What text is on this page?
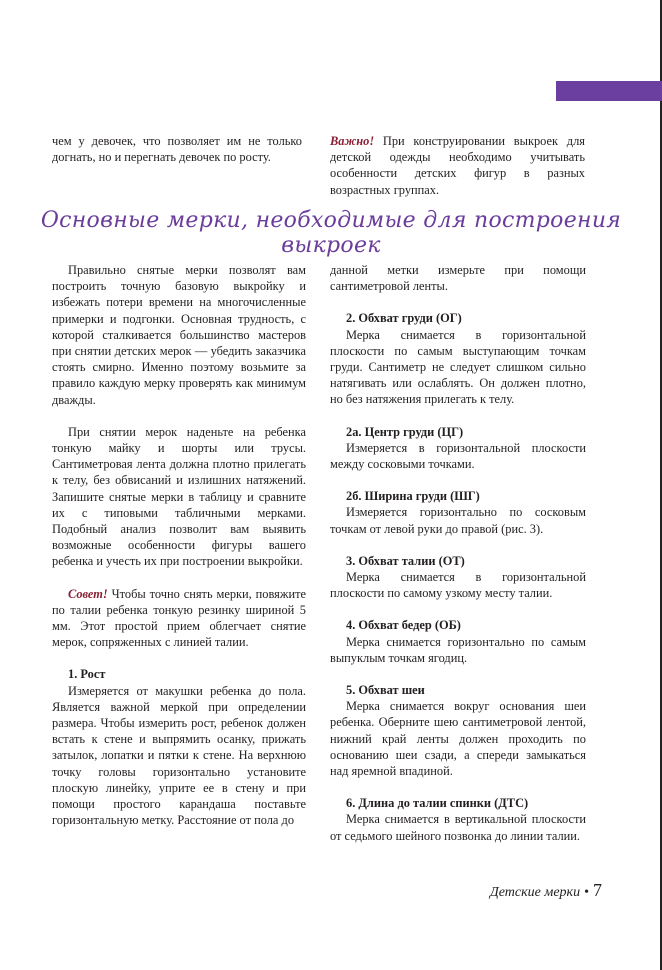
чем у девочек, что позволяет им не только догнать, но и перегнать девочек по росту.

Важно! При конструировании выкроек для детской одежды необходимо учитывать особенности детских фигур в разных возрастных группах.

Основные мерки, необходимые для построения выкроек

Правильно снятые мерки позволят вам построить точную базовую выкройку и избежать потери времени на многочисленные примерки и подгонки. Основная трудность, с которой сталкивается большинство мастеров при снятии детских мерок — убедить заказчика стоять смирно. Именно поэтому возьмите за правило каждую мерку проверять как минимум дважды.

При снятии мерок наденьте на ребенка тонкую майку и шорты или трусы. Сантиметровая лента должна плотно прилегать к телу, без обвисаний и излишних натяжений. Запишите снятые мерки в таблицу и сравните их с типовыми табличными мерками. Подобный анализ позволит вам выявить возможные особенности фигуры вашего ребенка и учесть их при построении выкройки.

Совет! Чтобы точно снять мерки, повяжите по талии ребенка тонкую резинку шириной 5 мм. Этот простой прием облегчает снятие мерок, сопряженных с линией талии.

1. Рост

Измеряется от макушки ребенка до пола. Является важной меркой при определении размера. Чтобы измерить рост, ребенок должен встать к стене и выпрямить осанку, прижать затылок, лопатки и пятки к стене. На верхнюю точку головы горизонтально установите плоскую линейку, уприте ее в стену и при помощи простого карандаша поставьте горизонтальную метку. Расстояние от пола до

данной метки измерьте при помощи сантиметровой ленты.

2. Обхват груди (ОГ)

Мерка снимается в горизонтальной плоскости по самым выступающим точкам груди. Сантиметр не следует слишком сильно натягивать или ослаблять. Он должен плотно, но без натяжения прилегать к телу.

2а. Центр груди (ЦГ)

Измеряется в горизонтальной плоскости между сосковыми точками.

2б. Ширина груди (ШГ)

Измеряется горизонтально по сосковым точкам от левой руки до правой (рис. 3).

3. Обхват талии (ОТ)

Мерка снимается в горизонтальной плоскости по самому узкому месту талии.

4. Обхват бедер (ОБ)

Мерка снимается горизонтально по самым выпуклым точкам ягодиц.

5. Обхват шеи

Мерка снимается вокруг основания шеи ребенка. Оберните шею сантиметровой лентой, нижний край ленты должен проходить по основанию шеи сзади, а спереди замыкаться над яремной впадиной.

6. Длина до талии спинки (ДТС)

Мерка снимается в вертикальной плоскости от седьмого шейного позвонка до линии талии.

Детские мерки • 7
